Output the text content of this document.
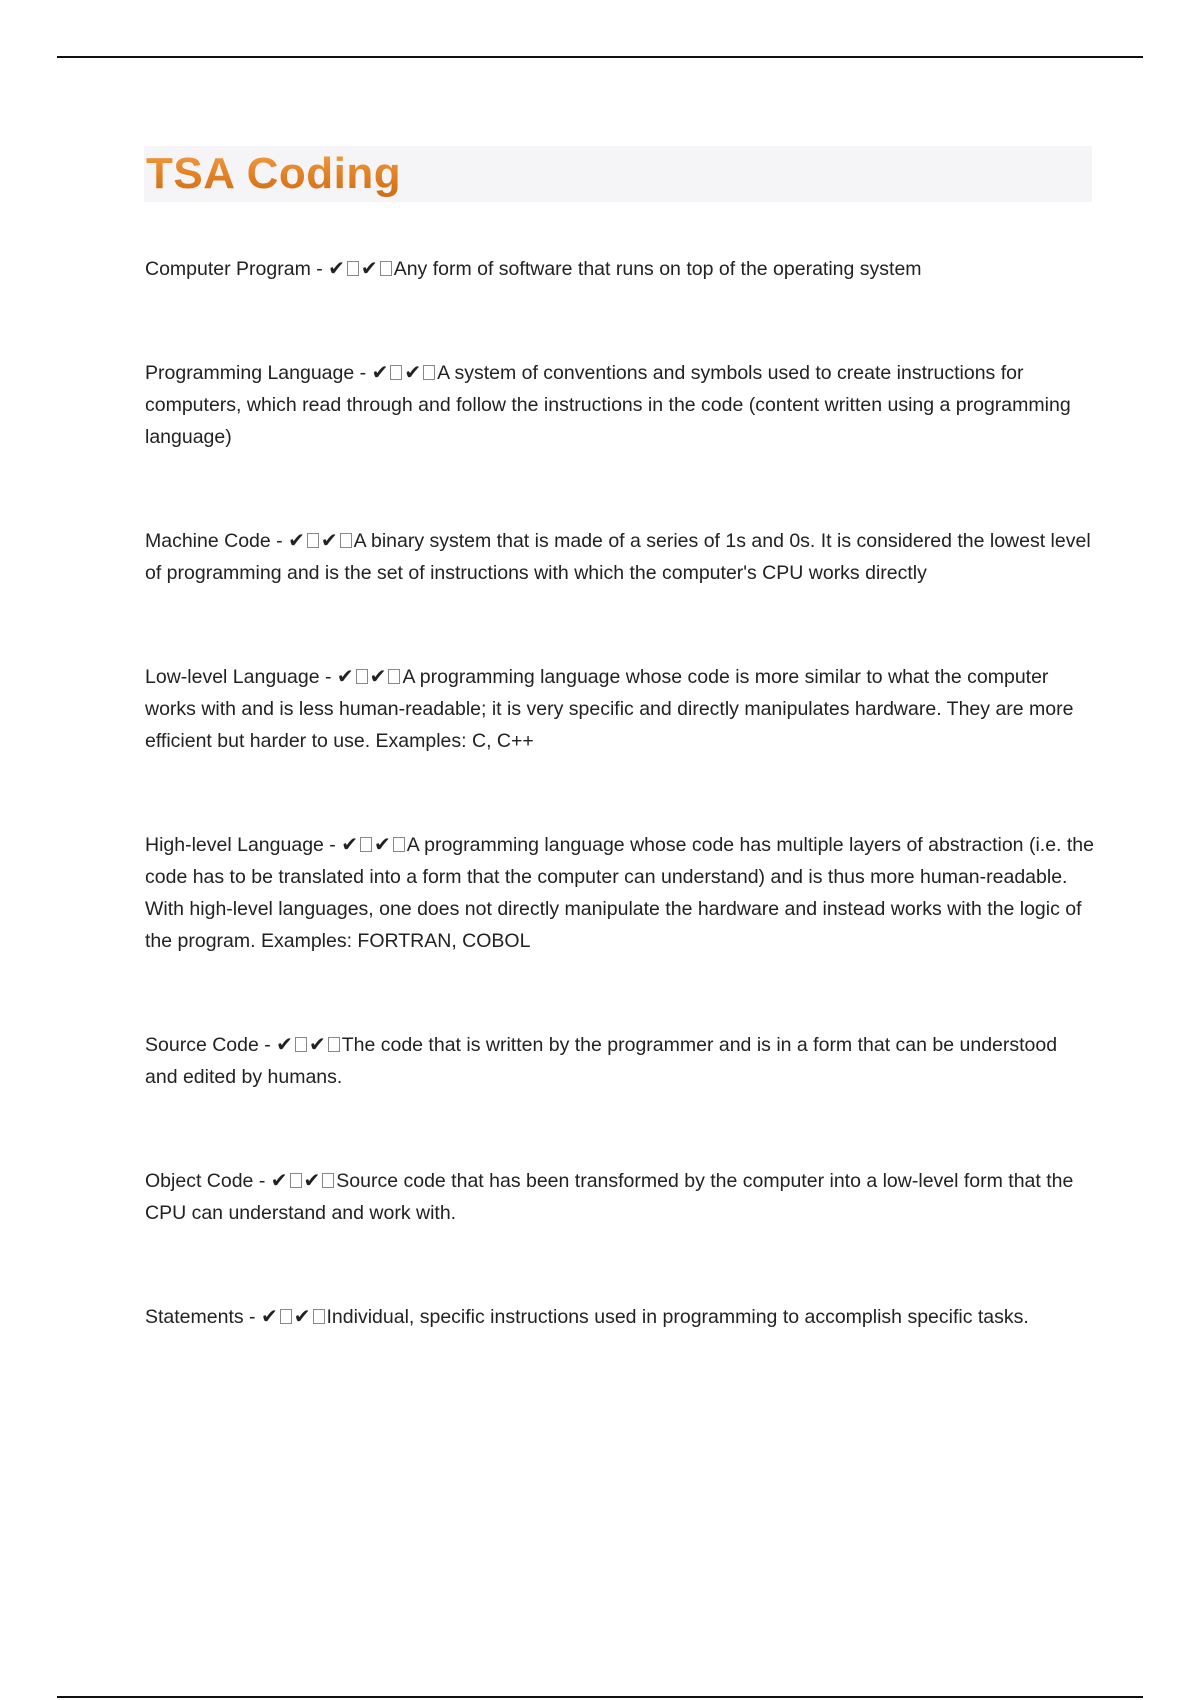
TSA Coding

Computer Program - ✔ ✔ Any form of software that runs on top of the operating system

Programming Language - ✔ ✔ A system of conventions and symbols used to create instructions for computers, which read through and follow the instructions in the code (content written using a programming language)

Machine Code - ✔ ✔ A binary system that is made of a series of 1s and 0s. It is considered the lowest level of programming and is the set of instructions with which the computer's CPU works directly

Low-level Language - ✔ ✔ A programming language whose code is more similar to what the computer works with and is less human-readable; it is very specific and directly manipulates hardware. They are more efficient but harder to use. Examples: C, C++

High-level Language - ✔ ✔ A programming language whose code has multiple layers of abstraction (i.e. the code has to be translated into a form that the computer can understand) and is thus more human-readable. With high-level languages, one does not directly manipulate the hardware and instead works with the logic of the program. Examples: FORTRAN, COBOL

Source Code - ✔ ✔ The code that is written by the programmer and is in a form that can be understood and edited by humans.

Object Code - ✔ ✔ Source code that has been transformed by the computer into a low-level form that the CPU can understand and work with.

Statements - ✔ ✔ Individual, specific instructions used in programming to accomplish specific tasks.
